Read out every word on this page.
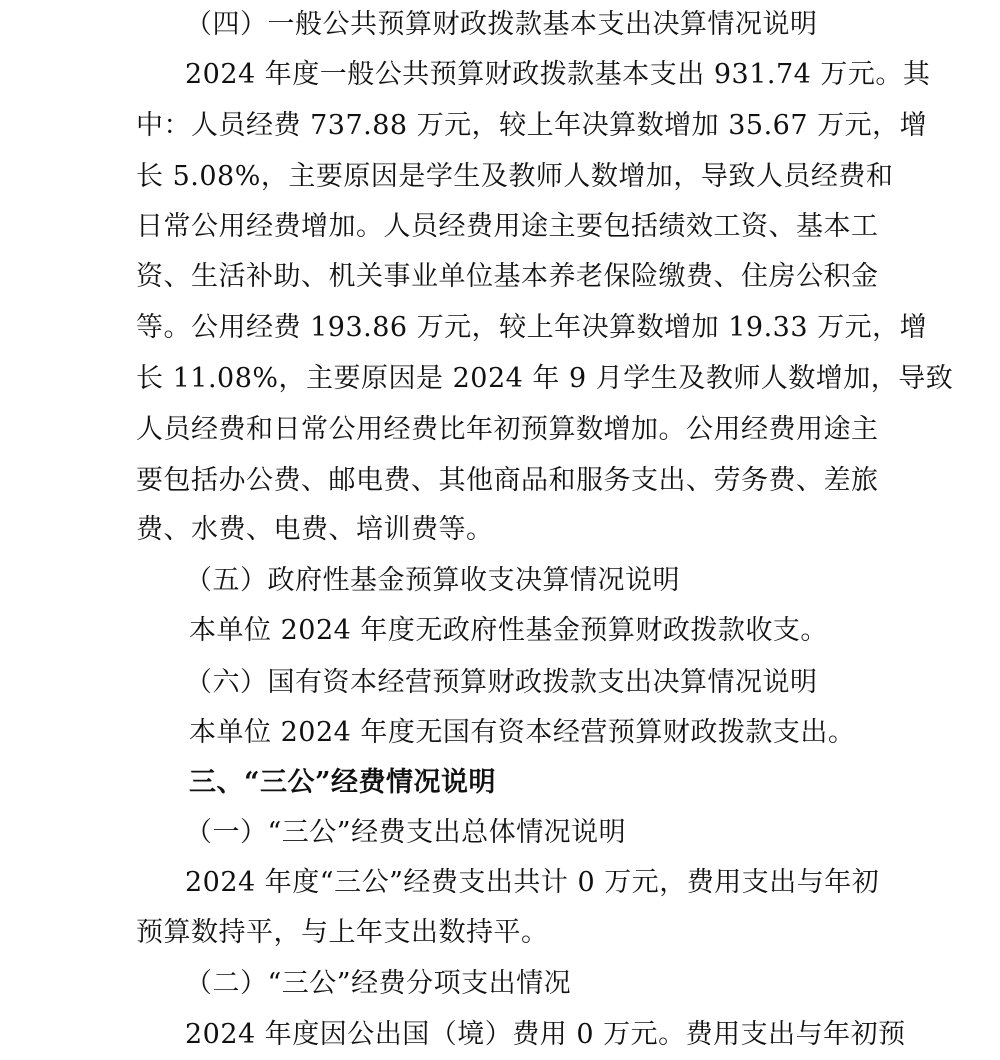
（四）一般公共预算财政拨款基本支出决算情况说明
2024 年度一般公共预算财政拨款基本支出 931.74 万元。其
中：人员经费 737.88 万元，较上年决算数增加 35.67 万元，增
长 5.08%，主要原因是学生及教师人数增加，导致人员经费和
日常公用经费增加。人员经费用途主要包括绩效工资、基本工
资、生活补助、机关事业单位基本养老保险缴费、住房公积金
等。公用经费 193.86 万元，较上年决算数增加 19.33 万元，增
长 11.08%，主要原因是 2024 年 9 月学生及教师人数增加，导致
人员经费和日常公用经费比年初预算数增加。公用经费用途主
要包括办公费、邮电费、其他商品和服务支出、劳务费、差旅
费、水费、电费、培训费等。
（五）政府性基金预算收支决算情况说明
本单位 2024 年度无政府性基金预算财政拨款收支。
（六）国有资本经营预算财政拨款支出决算情况说明
本单位 2024 年度无国有资本经营预算财政拨款支出。
三、“三公”经费情况说明
（一）“三公”经费支出总体情况说明
2024 年度“三公”经费支出共计 0 万元，费用支出与年初
预算数持平，与上年支出数持平。
（二）“三公”经费分项支出情况
2024 年度因公出国（境）费用 0 万元。费用支出与年初预
